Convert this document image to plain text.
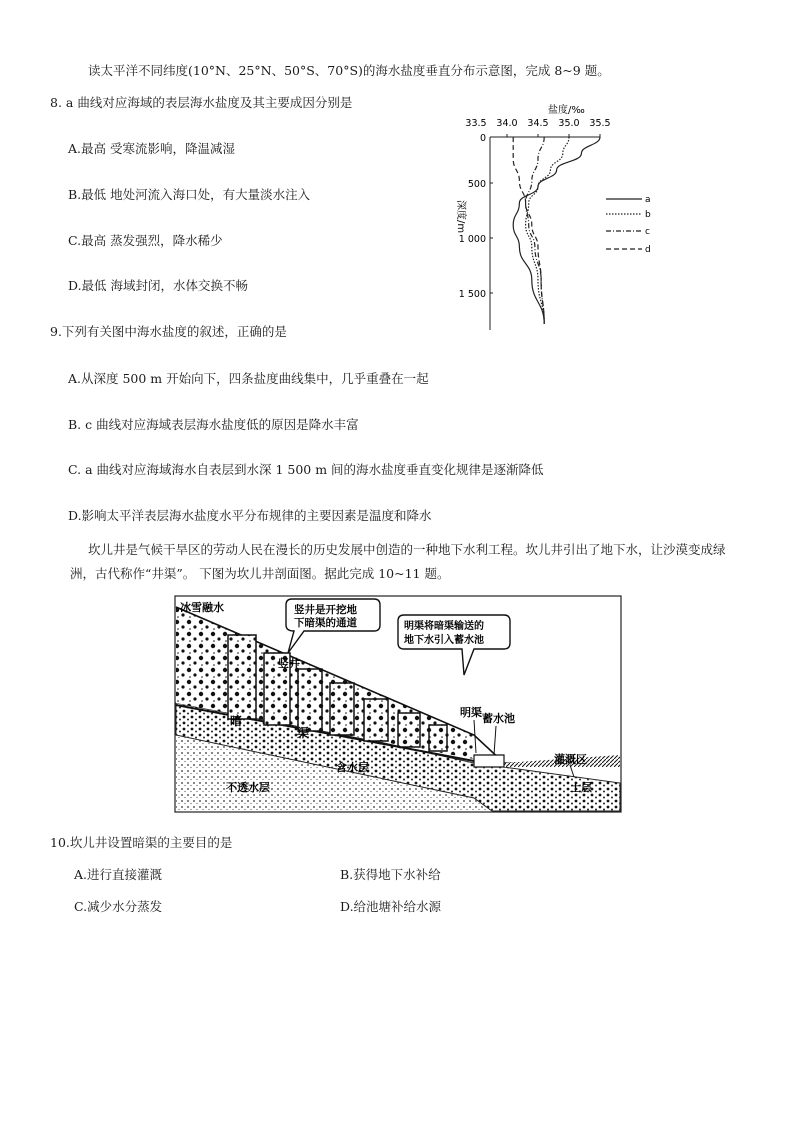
读太平洋不同纬度(10°N、25°N、50°S、70°S)的海水盐度垂直分布示意图，完成 8~9 题。
8. a 曲线对应海域的表层海水盐度及其主要成因分别是
A.最高 受寒流影响，降温减湿
B.最低 地处河流入海口处，有大量淡水注入
C.最高 蒸发强烈，降水稀少
D.最低 海域封闭，水体交换不畅
盐度/‰
33.5 34.0 34.5 35.0 35.5
0
500
1 000
1 500
深度/m	a
b
c
d
9.下列有关图中海水盐度的叙述，正确的是
A.从深度 500 m 开始向下，四条盐度曲线集中，几乎重叠在一起
B. c 曲线对应海域表层海水盐度低的原因是降水丰富
C. a 曲线对应海域海水自表层到水深 1 500 m 间的海水盐度垂直变化规律是逐渐降低
D.影响太平洋表层海水盐度水平分布规律的主要因素是温度和降水
坎儿井是气候干旱区的劳动人民在漫长的历史发展中创造的一种地下水利工程。坎儿井引出了地下水，让沙漠变成绿洲，古代称作“井渠”。 下图为坎儿井剖面图。据此完成 10~11 题。
冰雪融水
竖井
暗
渠
明渠 蓄水池
灌溉区
含水层
不透水层	土层
竖井是开挖地
下暗渠的通道	明渠将暗渠输送的
地下水引入蓄水池
10.坎儿井设置暗渠的主要目的是
A.进行直接灌溉	B.获得地下水补给
C.减少水分蒸发	D.给池塘补给水源
